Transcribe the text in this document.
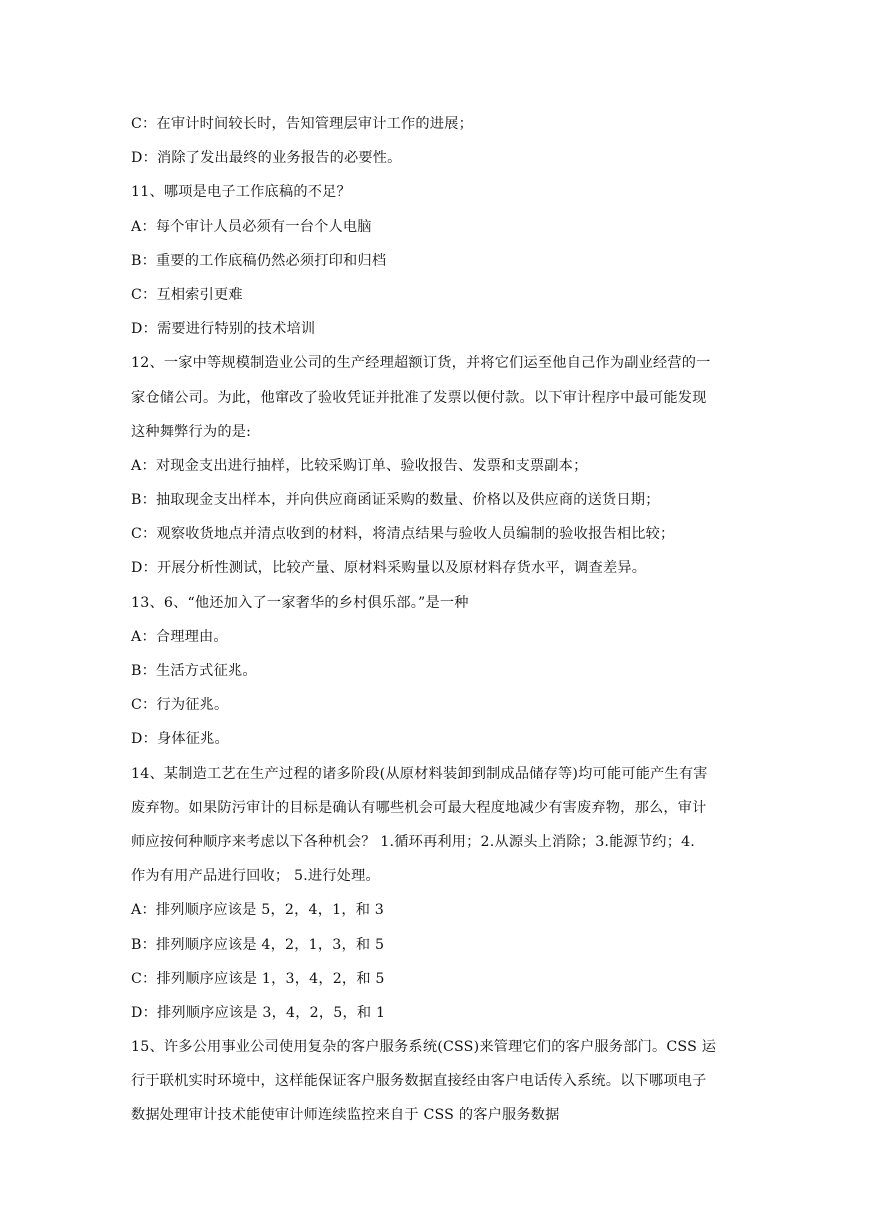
C：在审计时间较长时，告知管理层审计工作的进展；
D：消除了发出最终的业务报告的必要性。
11、哪项是电子工作底稿的不足？
A：每个审计人员必须有一台个人电脑
B：重要的工作底稿仍然必须打印和归档
C：互相索引更难
D：需要进行特别的技术培训
12、一家中等规模制造业公司的生产经理超额订货，并将它们运至他自己作为副业经营的一
家仓储公司。为此，他窜改了验收凭证并批准了发票以便付款。以下审计程序中最可能发现
这种舞弊行为的是:
A：对现金支出进行抽样，比较采购订单、验收报告、发票和支票副本；
B：抽取现金支出样本，并向供应商函证采购的数量、价格以及供应商的送货日期；
C：观察收货地点并清点收到的材料，将清点结果与验收人员编制的验收报告相比较；
D：开展分析性测试，比较产量、原材料采购量以及原材料存货水平，调查差异。
13、6、“他还加入了一家奢华的乡村俱乐部。”是一种
A：合理理由。
B：生活方式征兆。
C：行为征兆。
D：身体征兆。
14、某制造工艺在生产过程的诸多阶段(从原材料装卸到制成品储存等)均可能可能产生有害
废弃物。如果防污审计的目标是确认有哪些机会可最大程度地减少有害废弃物，那么，审计
师应按何种顺序来考虑以下各种机会？ 1.循环再利用；2.从源头上消除；3.能源节约；4.
作为有用产品进行回收； 5.进行处理。
A：排列顺序应该是 5，2，4，1，和 3
B：排列顺序应该是 4，2，1，3，和 5
C：排列顺序应该是 1，3，4，2，和 5
D：排列顺序应该是 3，4，2，5，和 1
15、许多公用事业公司使用复杂的客户服务系统(CSS)来管理它们的客户服务部门。CSS 运
行于联机实时环境中，这样能保证客户服务数据直接经由客户电话传入系统。以下哪项电子
数据处理审计技术能使审计师连续监控来自于 CSS 的客户服务数据
